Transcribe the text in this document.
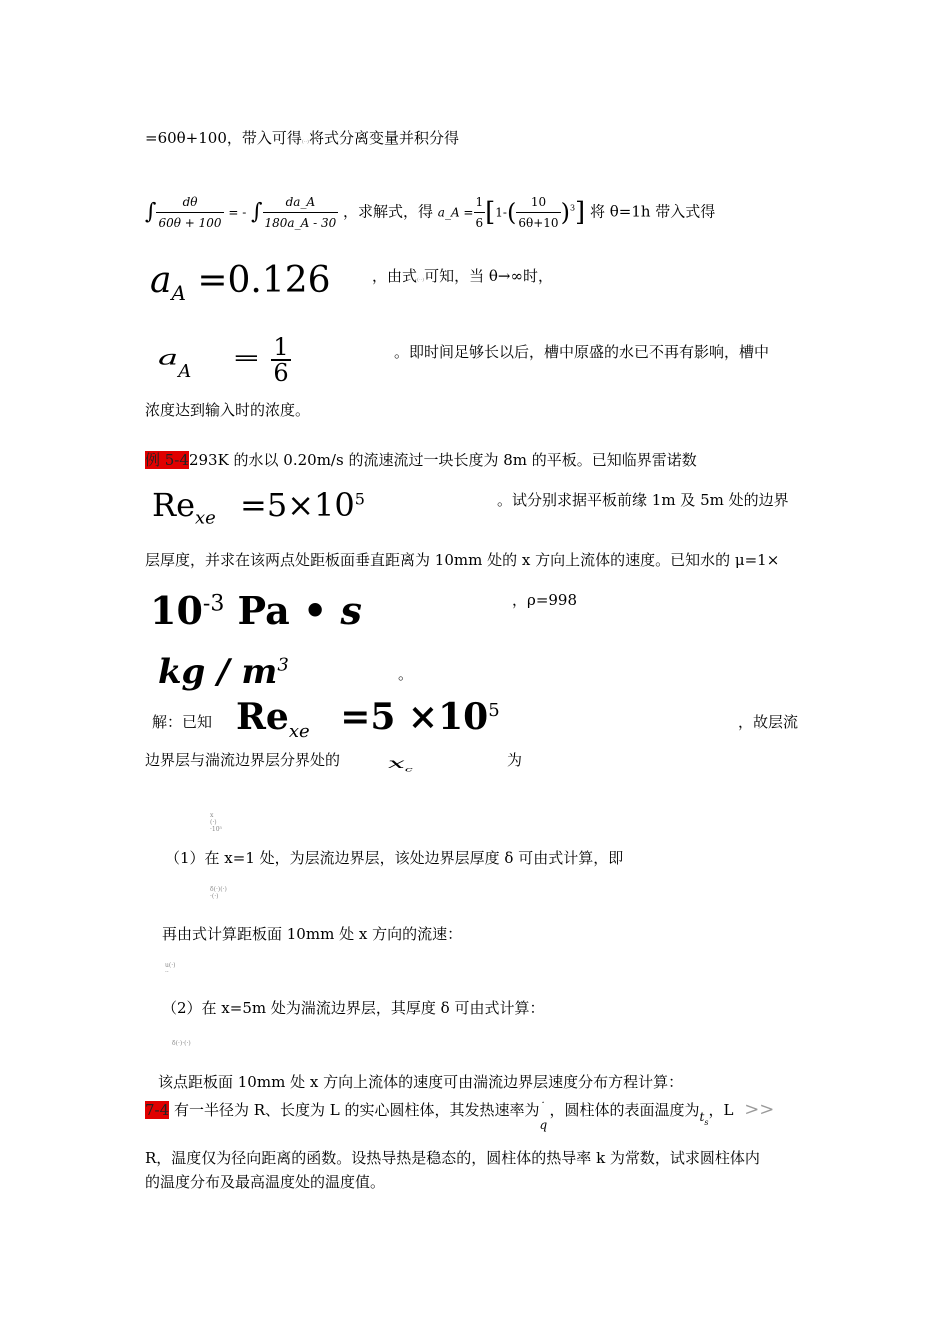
=60θ+100，带入可得(··)将式分离变量并积分得
∫ $\frac{d\theta}{60\theta + 100}$ = - ∫ $\frac{da\_A}{180a\_A - 30}$ ，求解式，得 a_A = $\frac{1}{6} [1-( \frac{10}{6\theta+10} )^3]$ 将 θ=1h 带入式得
$a_A =0.126$	，由式(··)可知，当 θ→∞时，
$a_A = \frac{1}{6}$	。即时间足够长以后，槽中原盛的水已不再有影响，槽中
浓度达到输入时的浓度。
例 5-4293K 的水以 0.20m/s 的流速流过一块长度为 8m 的平板。已知临界雷诺数
$Re_{xe} =5\times 10^5$	。试分别求据平板前缘 1m 及 5m 处的边界
层厚度，并求在该两点处距板面垂直距离为 10mm 处的 x 方向上流体的速度。已知水的 μ=1×
$10^{-3}$ Pa • s	，ρ=998
kg / $m^3$	。
解：已知 $Re_{xe} =5 \times 10^5$
，故层流
边界层与湍流边界层分界处的 $x_c$
为
x
(·)
·10⁵
（1）在 x=1 处，为层流边界层，该处边界层厚度 δ 可由式计算，即
δ(·)(·)
·(·)
再由式计算距板面 10mm 处 x 方向的流速：
u(·)
··
（2）在 x=5m 处为湍流边界层，其厚度 δ 可由式计算：
δ(·)·(·)
该点距板面 10mm 处 x 方向上流体的速度可由湍流边界层速度分布方程计算：
7-4 有一半径为 R、长度为 L 的实心圆柱体，其发热速率为 ·
$_q$，圆柱体的表面温度为$_{ts}$，L >>
R，温度仅为径向距离的函数。设热导热是稳态的，圆柱体的热导率 k 为常数，试求圆柱体内
的温度分布及最高温度处的温度值。
